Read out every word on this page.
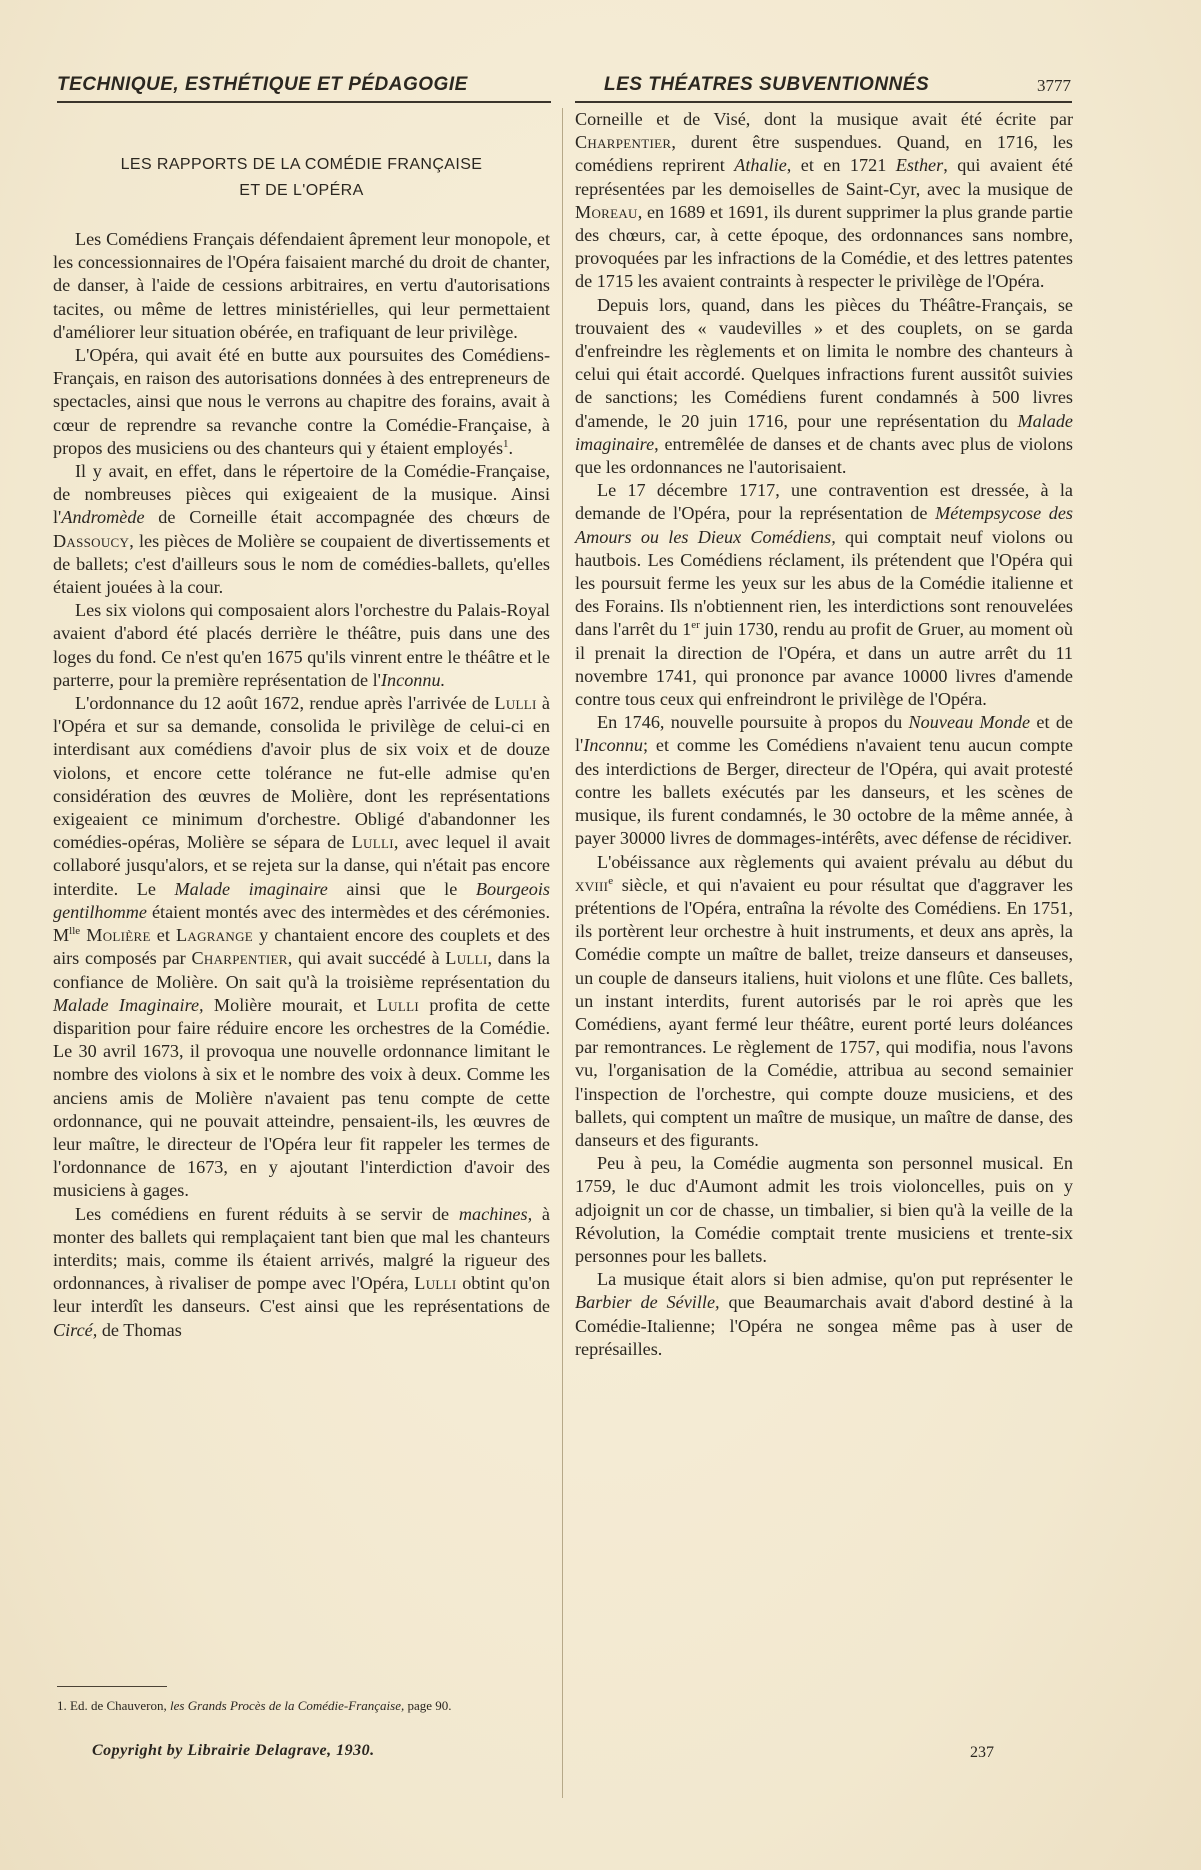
TECHNIQUE, ESTHÉTIQUE ET PÉDAGOGIE	LES THÉATRES SUBVENTIONNÉS	3777
LES RAPPORTS DE LA COMÉDIE FRANÇAISE
ET DE L'OPÉRA

Les Comédiens Français défendaient âprement leur monopole, et les concessionnaires de l'Opéra faisaient marché du droit de chanter, de danser, à l'aide de cessions arbitraires, en vertu d'autorisations tacites, ou même de lettres ministérielles, qui leur permettaient d'améliorer leur situation obérée, en trafiquant de leur privilège.

L'Opéra, qui avait été en butte aux poursuites des Comédiens-Français, en raison des autorisations données à des entrepreneurs de spectacles, ainsi que nous le verrons au chapitre des forains, avait à cœur de reprendre sa revanche contre la Comédie-Française, à propos des musiciens ou des chanteurs qui y étaient employés$^1$.

Il y avait, en effet, dans le répertoire de la Comédie-Française, de nombreuses pièces qui exigeaient de la musique. Ainsi l'Andromède de Corneille était accompagnée des chœurs de Dassoucy, les pièces de Molière se coupaient de divertissements et de ballets; c'est d'ailleurs sous le nom de comédies-ballets, qu'elles étaient jouées à la cour.

Les six violons qui composaient alors l'orchestre du Palais-Royal avaient d'abord été placés derrière le théâtre, puis dans une des loges du fond. Ce n'est qu'en 1675 qu'ils vinrent entre le théâtre et le parterre, pour la première représentation de l'Inconnu.

L'ordonnance du 12 août 1672, rendue après l'arrivée de Lulli à l'Opéra et sur sa demande, consolida le privilège de celui-ci en interdisant aux comédiens d'avoir plus de six voix et de douze violons, et encore cette tolérance ne fut-elle admise qu'en considération des œuvres de Molière, dont les représentations exigeaient ce minimum d'orchestre. Obligé d'abandonner les comédies-opéras, Molière se sépara de Lulli, avec lequel il avait collaboré jusqu'alors, et se rejeta sur la danse, qui n'était pas encore interdite. Le Malade imaginaire ainsi que le Bourgeois gentilhomme étaient montés avec des intermèdes et des cérémonies. $M^{lle}$ Molière et Lagrange y chantaient encore des couplets et des airs composés par Charpentier, qui avait succédé à Lulli, dans la confiance de Molière. On sait qu'à la troisième représentation du Malade Imaginaire, Molière mourait, et Lulli profita de cette disparition pour faire réduire encore les orchestres de la Comédie. Le 30 avril 1673, il provoqua une nouvelle ordonnance limitant le nombre des violons à six et le nombre des voix à deux. Comme les anciens amis de Molière n'avaient pas tenu compte de cette ordonnance, qui ne pouvait atteindre, pensaient-ils, les œuvres de leur maître, le directeur de l'Opéra leur fit rappeler les termes de l'ordonnance de 1673, en y ajoutant l'interdiction d'avoir des musiciens à gages.

Les comédiens en furent réduits à se servir de machines, à monter des ballets qui remplaçaient tant bien que mal les chanteurs interdits; mais, comme ils étaient arrivés, malgré la rigueur des ordonnances, à rivaliser de pompe avec l'Opéra, Lulli obtint qu'on leur interdît les danseurs. C'est ainsi que les représentations de Circé, de Thomas

Corneille et de Visé, dont la musique avait été écrite par Charpentier, durent être suspendues. Quand, en 1716, les comédiens reprirent Athalie, et en 1721 Esther, qui avaient été représentées par les demoiselles de Saint-Cyr, avec la musique de Moreau, en 1689 et 1691, ils durent supprimer la plus grande partie des chœurs, car, à cette époque, des ordonnances sans nombre, provoquées par les infractions de la Comédie, et des lettres patentes de 1715 les avaient contraints à respecter le privilège de l'Opéra.

Depuis lors, quand, dans les pièces du Théâtre-Français, se trouvaient des « vaudevilles » et des couplets, on se garda d'enfreindre les règlements et on limita le nombre des chanteurs à celui qui était accordé. Quelques infractions furent aussitôt suivies de sanctions; les Comédiens furent condamnés à 500 livres d'amende, le 20 juin 1716, pour une représentation du Malade imaginaire, entremêlée de danses et de chants avec plus de violons que les ordonnances ne l'autorisaient.

Le 17 décembre 1717, une contravention est dressée, à la demande de l'Opéra, pour la représentation de Métempsycose des Amours ou les Dieux Comédiens, qui comptait neuf violons ou hautbois. Les Comédiens réclament, ils prétendent que l'Opéra qui les poursuit ferme les yeux sur les abus de la Comédie italienne et des Forains. Ils n'obtiennent rien, les interdictions sont renouvelées dans l'arrêt du 1er juin 1730, rendu au profit de Gruer, au moment où il prenait la direction de l'Opéra, et dans un autre arrêt du 11 novembre 1741, qui prononce par avance 10000 livres d'amende contre tous ceux qui enfreindront le privilège de l'Opéra.

En 1746, nouvelle poursuite à propos du Nouveau Monde et de l'Inconnu; et comme les Comédiens n'avaient tenu aucun compte des interdictions de Berger, directeur de l'Opéra, qui avait protesté contre les ballets exécutés par les danseurs, et les scènes de musique, ils furent condamnés, le 30 octobre de la même année, à payer 30000 livres de dommages-intérêts, avec défense de récidiver.

L'obéissance aux règlements qui avaient prévalu au début du xviii$^e$ siècle, et qui n'avaient eu pour résultat que d'aggraver les prétentions de l'Opéra, entraîna la révolte des Comédiens. En 1751, ils portèrent leur orchestre à huit instruments, et deux ans après, la Comédie compte un maître de ballet, treize danseurs et danseuses, un couple de danseurs italiens, huit violons et une flûte. Ces ballets, un instant interdits, furent autorisés par le roi après que les Comédiens, ayant fermé leur théâtre, eurent porté leurs doléances par remontrances. Le règlement de 1757, qui modifia, nous l'avons vu, l'organisation de la Comédie, attribua au second semainier l'inspection de l'orchestre, qui compte douze musiciens, et des ballets, qui comptent un maître de musique, un maître de danse, des danseurs et des figurants.

Peu à peu, la Comédie augmenta son personnel musical. En 1759, le duc d'Aumont admit les trois violoncelles, puis on y adjoignit un cor de chasse, un timbalier, si bien qu'à la veille de la Révolution, la Comédie comptait trente musiciens et trente-six personnes pour les ballets.

La musique était alors si bien admise, qu'on put représenter le Barbier de Séville, que Beaumarchais avait d'abord destiné à la Comédie-Italienne; l'Opéra ne songea même pas à user de représailles.

1. Ed. de Chauveron, les Grands Procès de la Comédie-Française, page 90.
Copyright by Librairie Delagrave, 1930.	237
